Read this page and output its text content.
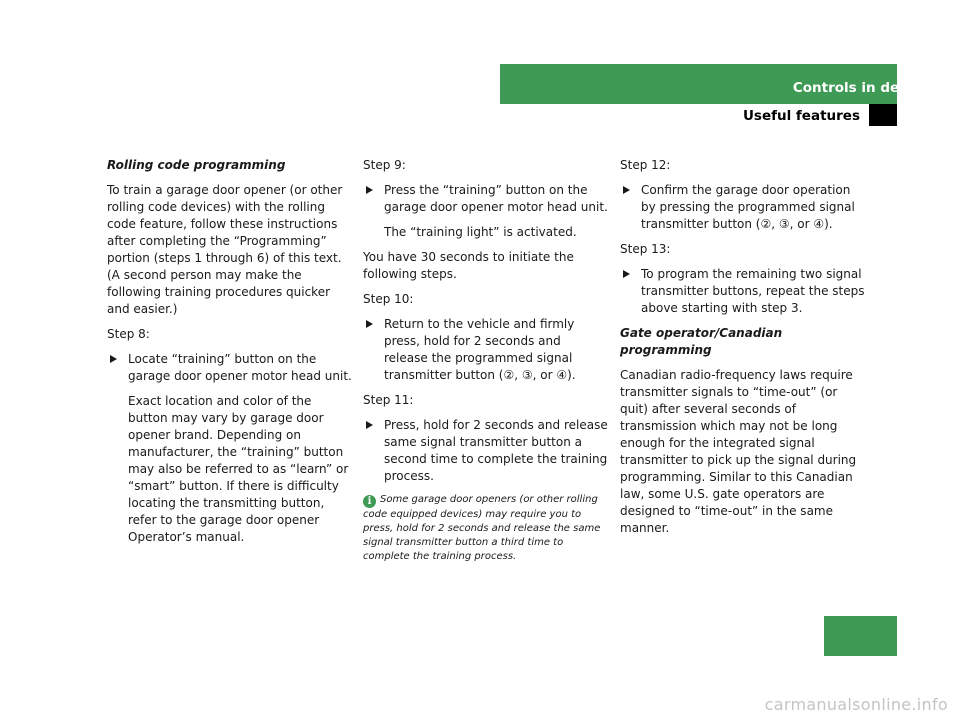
Controls in detail
Useful features

Rolling code programming

To train a garage door opener (or other rolling code devices) with the rolling code feature, follow these instructions after completing the “Programming” portion (steps 1 through 6) of this text. (A second person may make the following training procedures quicker and easier.)

Step 8:

Locate “training” button on the garage door opener motor head unit.

Exact location and color of the button may vary by garage door opener brand. Depending on manufacturer, the “training” button may also be referred to as “learn” or “smart” button. If there is difficulty locating the transmitting button, refer to the garage door opener Operator’s manual.

Step 9:

Press the “training” button on the garage door opener motor head unit.

The “training light” is activated.

You have 30 seconds to initiate the following steps.

Step 10:

Return to the vehicle and firmly press, hold for 2 seconds and release the programmed signal transmitter button (②, ③, or ④).

Step 11:

Press, hold for 2 seconds and release same signal transmitter button a second time to complete the training process.

i Some garage door openers (or other rolling code equipped devices) may require you to press, hold for 2 seconds and release the same signal transmitter button a third time to complete the training process.

Step 12:

Confirm the garage door operation by pressing the programmed signal transmitter button (②, ③, or ④).

Step 13:

To program the remaining two signal transmitter buttons, repeat the steps above starting with step 3.

Gate operator/Canadian programming

Canadian radio-frequency laws require transmitter signals to “time-out” (or quit) after several seconds of transmission which may not be long enough for the integrated signal transmitter to pick up the signal during programming. Similar to this Canadian law, some U.S. gate operators are designed to “time-out” in the same manner.

239
carmanualsonline.info
